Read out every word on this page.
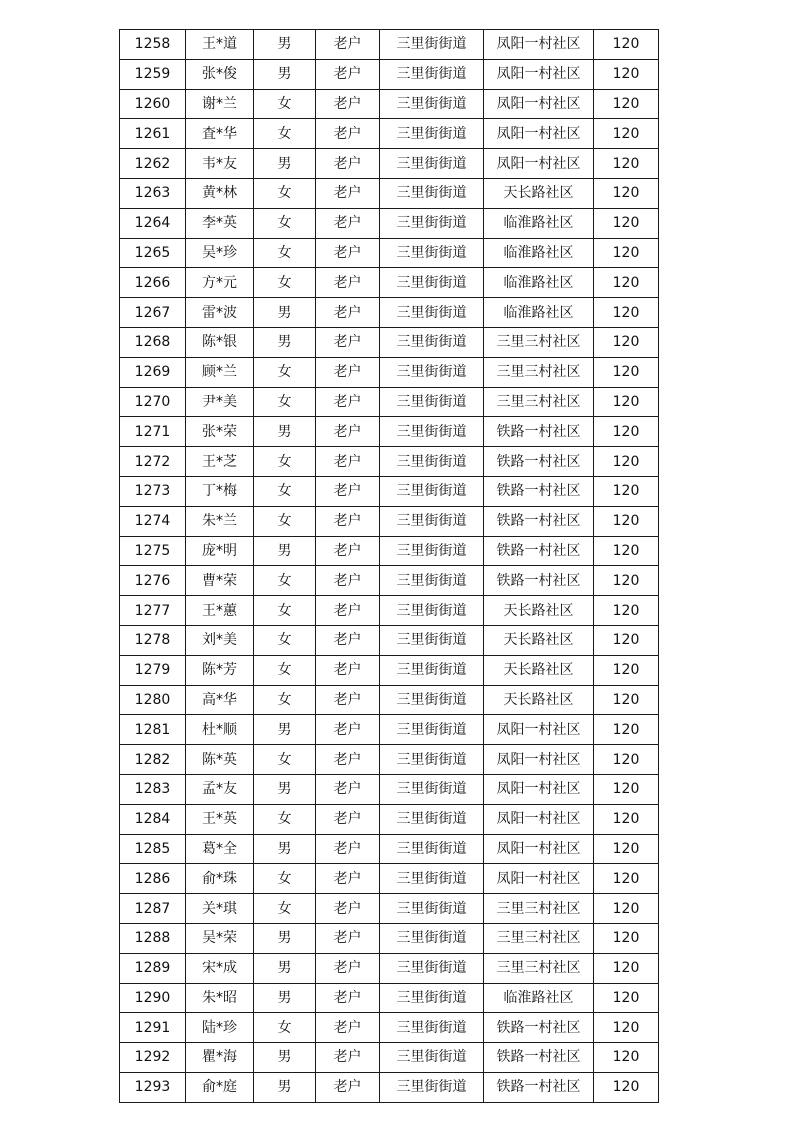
1258	王*道	男	老户	三里街街道	凤阳一村社区	120
1259	张*俊	男	老户	三里街街道	凤阳一村社区	120
1260	谢*兰	女	老户	三里街街道	凤阳一村社区	120
1261	査*华	女	老户	三里街街道	凤阳一村社区	120
1262	韦*友	男	老户	三里街街道	凤阳一村社区	120
1263	黄*林	女	老户	三里街街道	天长路社区	120
1264	李*英	女	老户	三里街街道	临淮路社区	120
1265	吴*珍	女	老户	三里街街道	临淮路社区	120
1266	方*元	女	老户	三里街街道	临淮路社区	120
1267	雷*波	男	老户	三里街街道	临淮路社区	120
1268	陈*银	男	老户	三里街街道	三里三村社区	120
1269	顾*兰	女	老户	三里街街道	三里三村社区	120
1270	尹*美	女	老户	三里街街道	三里三村社区	120
1271	张*荣	男	老户	三里街街道	铁路一村社区	120
1272	王*芝	女	老户	三里街街道	铁路一村社区	120
1273	丁*梅	女	老户	三里街街道	铁路一村社区	120
1274	朱*兰	女	老户	三里街街道	铁路一村社区	120
1275	庞*明	男	老户	三里街街道	铁路一村社区	120
1276	曹*荣	女	老户	三里街街道	铁路一村社区	120
1277	王*蕙	女	老户	三里街街道	天长路社区	120
1278	刘*美	女	老户	三里街街道	天长路社区	120
1279	陈*芳	女	老户	三里街街道	天长路社区	120
1280	高*华	女	老户	三里街街道	天长路社区	120
1281	杜*顺	男	老户	三里街街道	凤阳一村社区	120
1282	陈*英	女	老户	三里街街道	凤阳一村社区	120
1283	孟*友	男	老户	三里街街道	凤阳一村社区	120
1284	王*英	女	老户	三里街街道	凤阳一村社区	120
1285	葛*全	男	老户	三里街街道	凤阳一村社区	120
1286	俞*珠	女	老户	三里街街道	凤阳一村社区	120
1287	关*琪	女	老户	三里街街道	三里三村社区	120
1288	吴*荣	男	老户	三里街街道	三里三村社区	120
1289	宋*成	男	老户	三里街街道	三里三村社区	120
1290	朱*昭	男	老户	三里街街道	临淮路社区	120
1291	陆*珍	女	老户	三里街街道	铁路一村社区	120
1292	瞿*海	男	老户	三里街街道	铁路一村社区	120
1293	俞*庭	男	老户	三里街街道	铁路一村社区	120
